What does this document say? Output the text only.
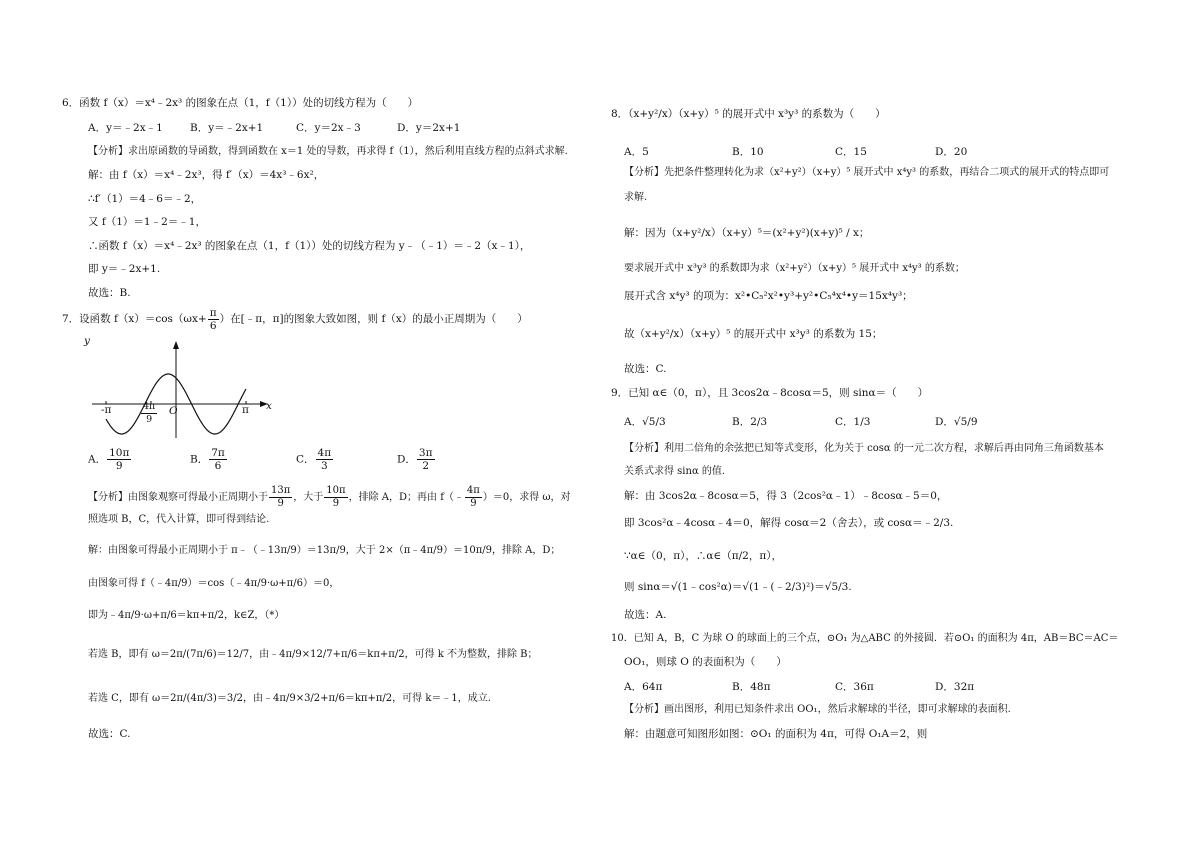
6．函数 f（x）＝x⁴﹣2x³ 的图象在点（1，f（1））处的切线方程为（　　）
A．y＝﹣2x﹣1	B．y＝﹣2x+1	C．y＝2x﹣3	D．y＝2x+1
【分析】求出原函数的导函数，得到函数在 x＝1 处的导数，再求得 f（1），然后利用直线方程的点斜式求解.
解：由 f（x）＝x⁴﹣2x³，得 f′（x）＝4x³﹣6x²，
∴f′（1）＝4﹣6＝﹣2，
又 f（1）＝1﹣2＝﹣1，
∴函数 f（x）＝x⁴﹣2x³ 的图象在点（1，f（1））处的切线方程为 y﹣（﹣1）＝﹣2（x﹣1），
即 y＝﹣2x+1.
故选：B.
7．设函数 $f(x)=\cos(\omega x+ \frac{\pi}{6}$ ）在[﹣π，π]的图象大致如图，则 f（x）的最小正周期为（　　）
y
x
O
-π	π
$\frac{4\pi}{9}$
A． $\frac{10\pi}{9}$	B． $\frac{7\pi}{6}$	C． $\frac{4\pi}{3}$	D． $\frac{3\pi}{2}$
【分析】由图象观察可得最小正周期小于 $\frac{13\pi}{9}$ ，大于 $\frac{10\pi}{9}$ ，排除 A，D；再由 f（﹣ $\frac{4\pi}{9} )=0$，求得 ω，对
照选项 B，C，代入计算，即可得到结论.
解：由图象可得最小正周期小于 π﹣（﹣13π/9）＝13π/9，大于 2×（π﹣4π/9）＝10π/9，排除 A，D；
由图象可得 f（﹣4π/9）＝cos（﹣4π/9·ω+π/6）＝0，
即为﹣4π/9·ω+π/6＝kπ+π/2，k∈Z，（*）
若选 B，即有 ω＝2π/(7π/6)＝12/7，由﹣4π/9×12/7+π/6＝kπ+π/2，可得 k 不为整数，排除 B；
若选 C，即有 ω＝2π/(4π/3)＝3/2，由﹣4π/9×3/2+π/6＝kπ+π/2，可得 k＝﹣1，成立.
故选：C.
8．（x+y²/x）（x+y）⁵ 的展开式中 x³y³ 的系数为（　　）
A．5	B．10	C．15	D．20
【分析】先把条件整理转化为求（x²+y²）（x+y）⁵ 展开式中 x⁴y³ 的系数，再结合二项式的展开式的特点即可
求解.
解：因为（x+y²/x）（x+y）⁵＝(x²+y²)(x+y)⁵ / x；
要求展开式中 x³y³ 的系数即为求（x²+y²）（x+y）⁵ 展开式中 x⁴y³ 的系数；
展开式含 x⁴y³ 的项为：x²•C₅²x²•y³+y²•C₅⁴x⁴•y＝15x⁴y³；
故（x+y²/x）（x+y）⁵ 的展开式中 x³y³ 的系数为 15；
故选：C.
9．已知 α∈（0，π），且 3cos2α﹣8cosα＝5，则 sinα＝（　　）
A．√5/3	B．2/3	C．1/3	D．√5/9
【分析】利用二倍角的余弦把已知等式变形，化为关于 cosα 的一元二次方程，求解后再由同角三角函数基本
关系式求得 sinα 的值.
解：由 3cos2α﹣8cosα＝5，得 3（2cos²α﹣1）﹣8cosα﹣5＝0，
即 3cos²α﹣4cosα﹣4＝0，解得 cosα＝2（舍去），或 cosα＝﹣2/3.
∵α∈（0，π），∴α∈（π/2，π），
则 sinα＝√(1﹣cos²α)＝√(1﹣(﹣2/3)²)＝√5/3.
故选：A.
10．已知 A，B，C 为球 O 的球面上的三个点，⊙O₁ 为△ABC 的外接圆．若⊙O₁ 的面积为 4π，AB＝BC＝AC＝
OO₁，则球 O 的表面积为（　　）
A．64π	B．48π	C．36π	D．32π
【分析】画出图形，利用已知条件求出 OO₁，然后求解球的半径，即可求解球的表面积.
解：由题意可知图形如图：⊙O₁ 的面积为 4π，可得 O₁A＝2，则
